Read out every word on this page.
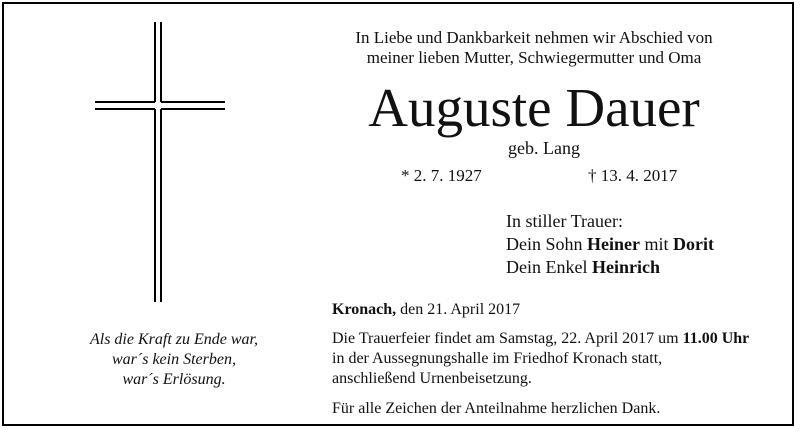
In Liebe und Dankbarkeit nehmen wir Abschied von
meiner lieben Mutter, Schwiegermutter und Oma
Auguste Dauer
geb. Lang
* 2. 7. 1927	† 13. 4. 2017
In stiller Trauer:
Dein Sohn Heiner mit Dorit
Dein Enkel Heinrich
Als die Kraft zu Ende war,
war´s kein Sterben,
war´s Erlösung.
Kronach, den 21. April 2017
Die Trauerfeier findet am Samstag, 22. April 2017 um 11.00 Uhr
in der Aussegnungshalle im Friedhof Kronach statt,
anschließend Urnenbeisetzung.
Für alle Zeichen der Anteilnahme herzlichen Dank.
